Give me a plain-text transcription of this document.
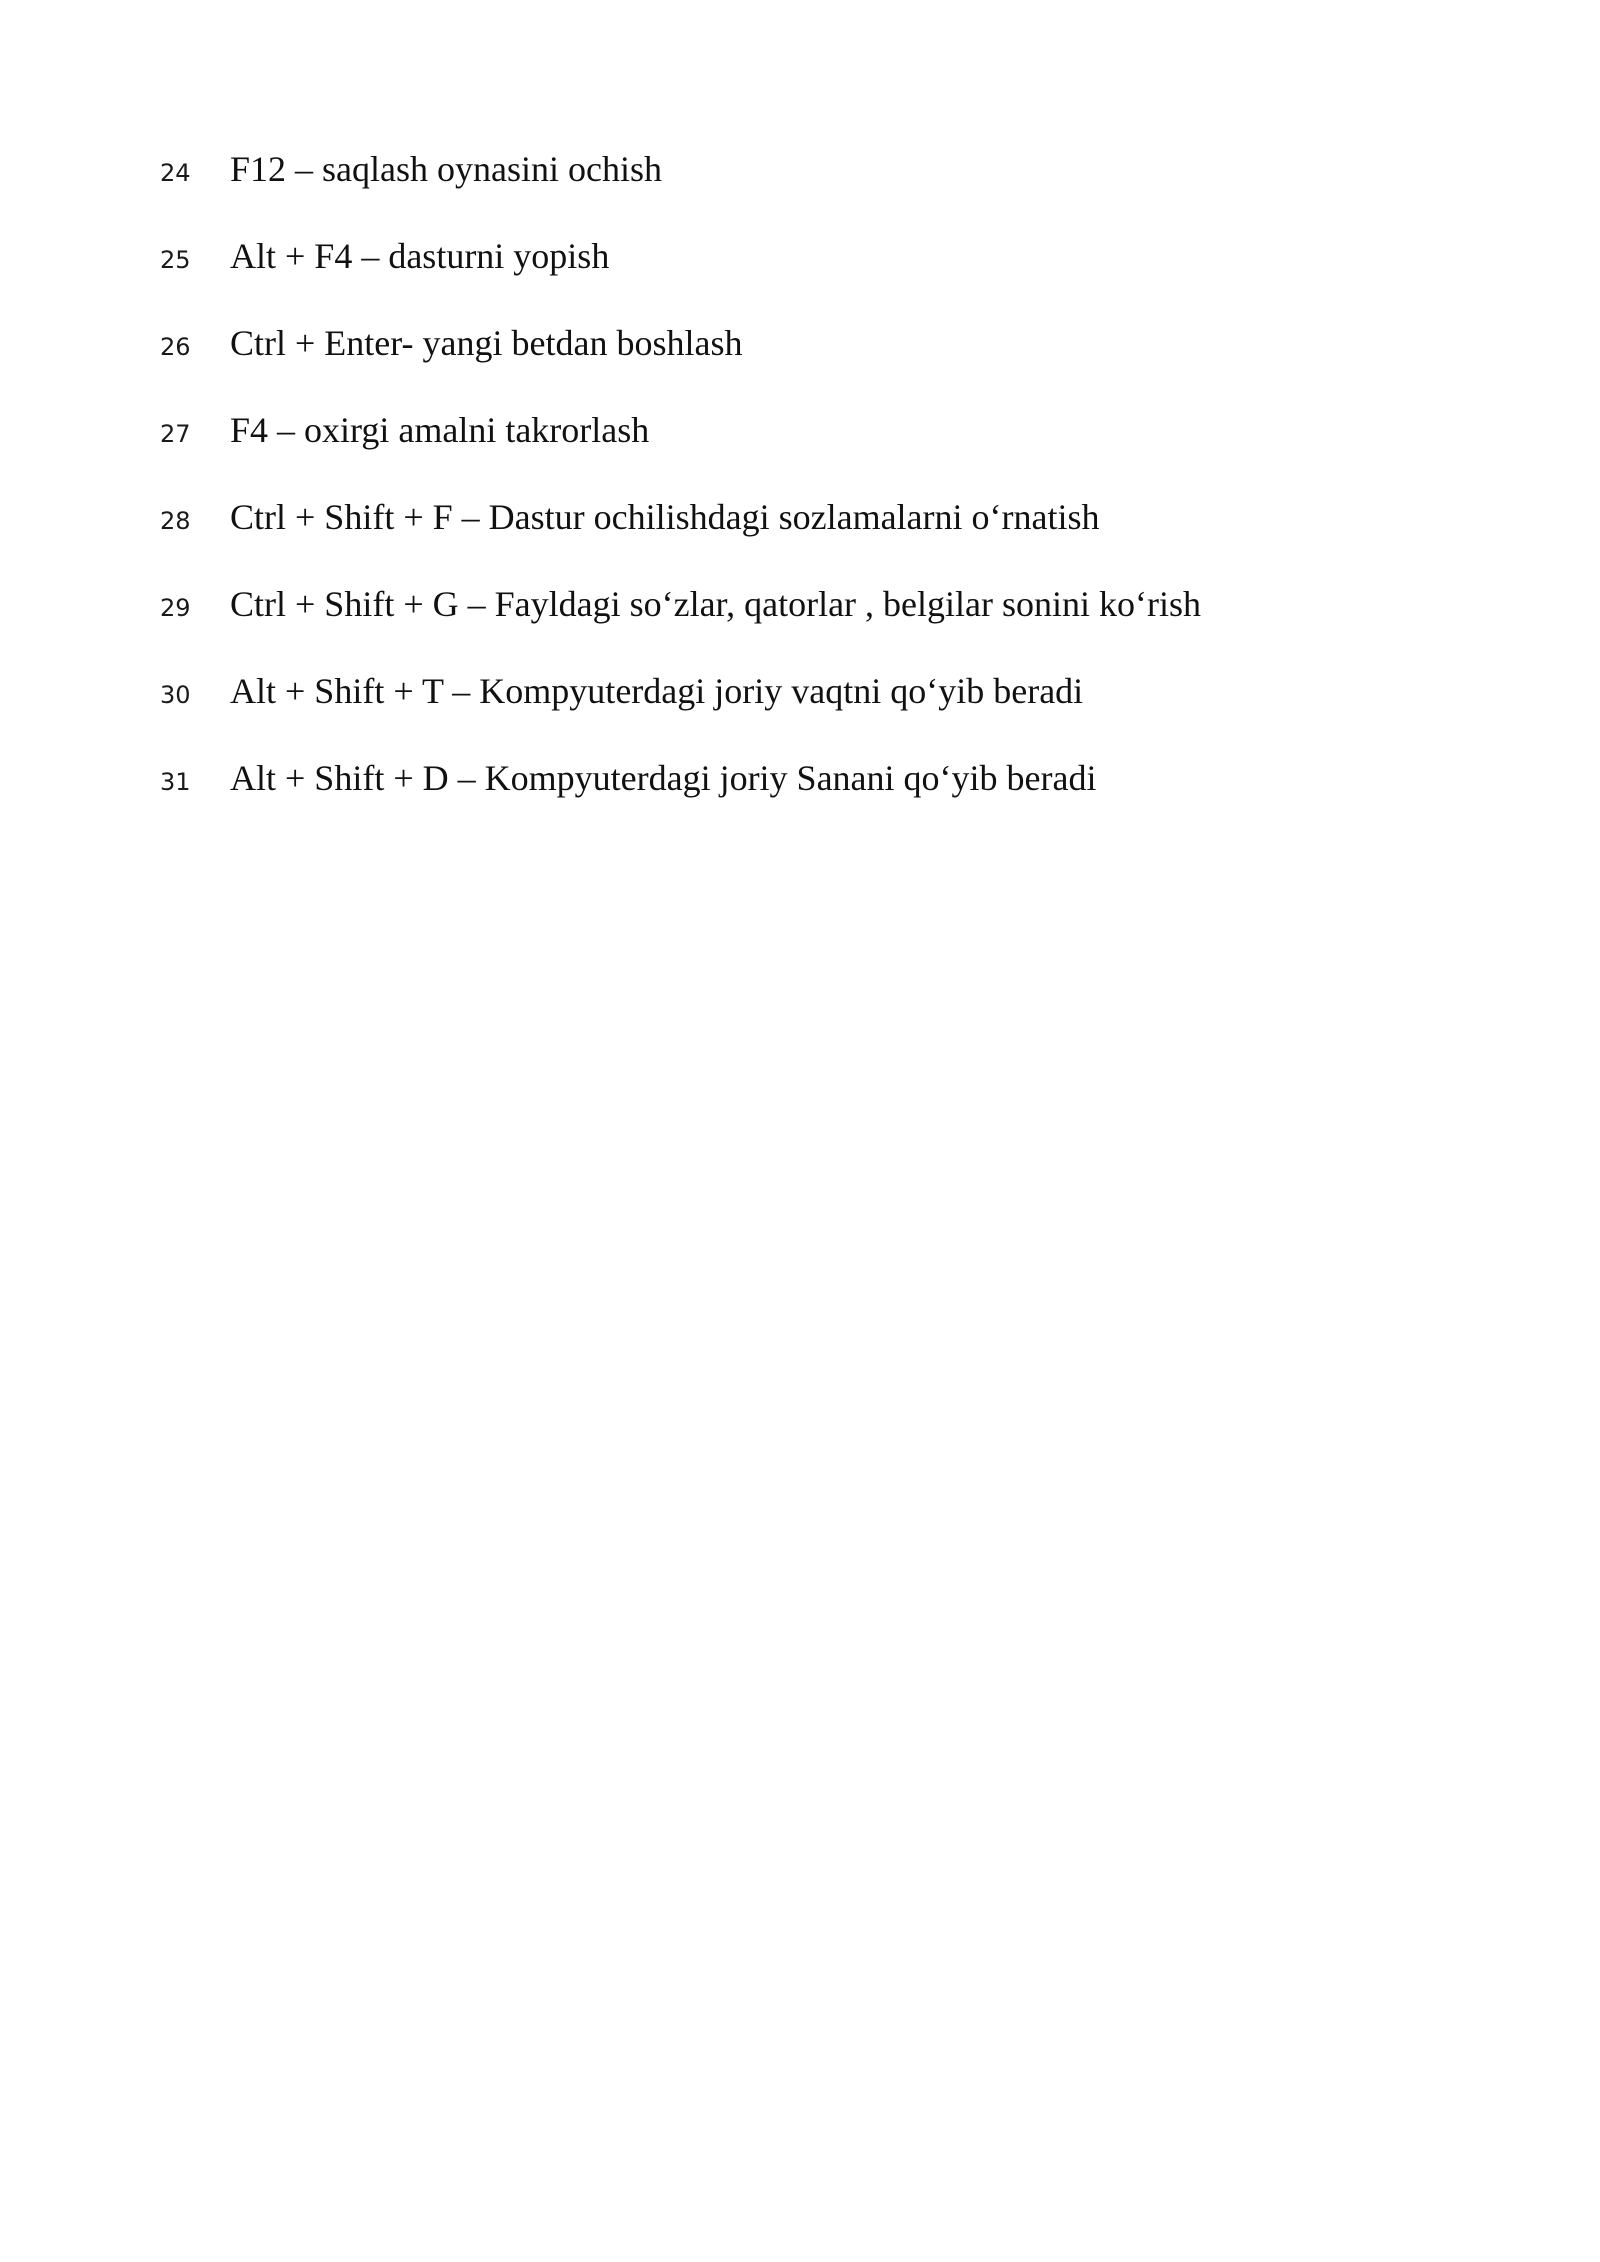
24	F12 – saqlash oynasini ochish
25	Alt + F4 – dasturni yopish
26	Ctrl + Enter- yangi betdan boshlash
27	F4 – oxirgi amalni takrorlash
28	Ctrl + Shift + F – Dastur ochilishdagi sozlamalarni o‘rnatish
29	Ctrl + Shift + G – Fayldagi so‘zlar, qatorlar , belgilar sonini ko‘rish
30	Alt + Shift + T – Kompyuterdagi joriy vaqtni qo‘yib beradi
31	Alt + Shift + D – Kompyuterdagi joriy Sanani qo‘yib beradi
